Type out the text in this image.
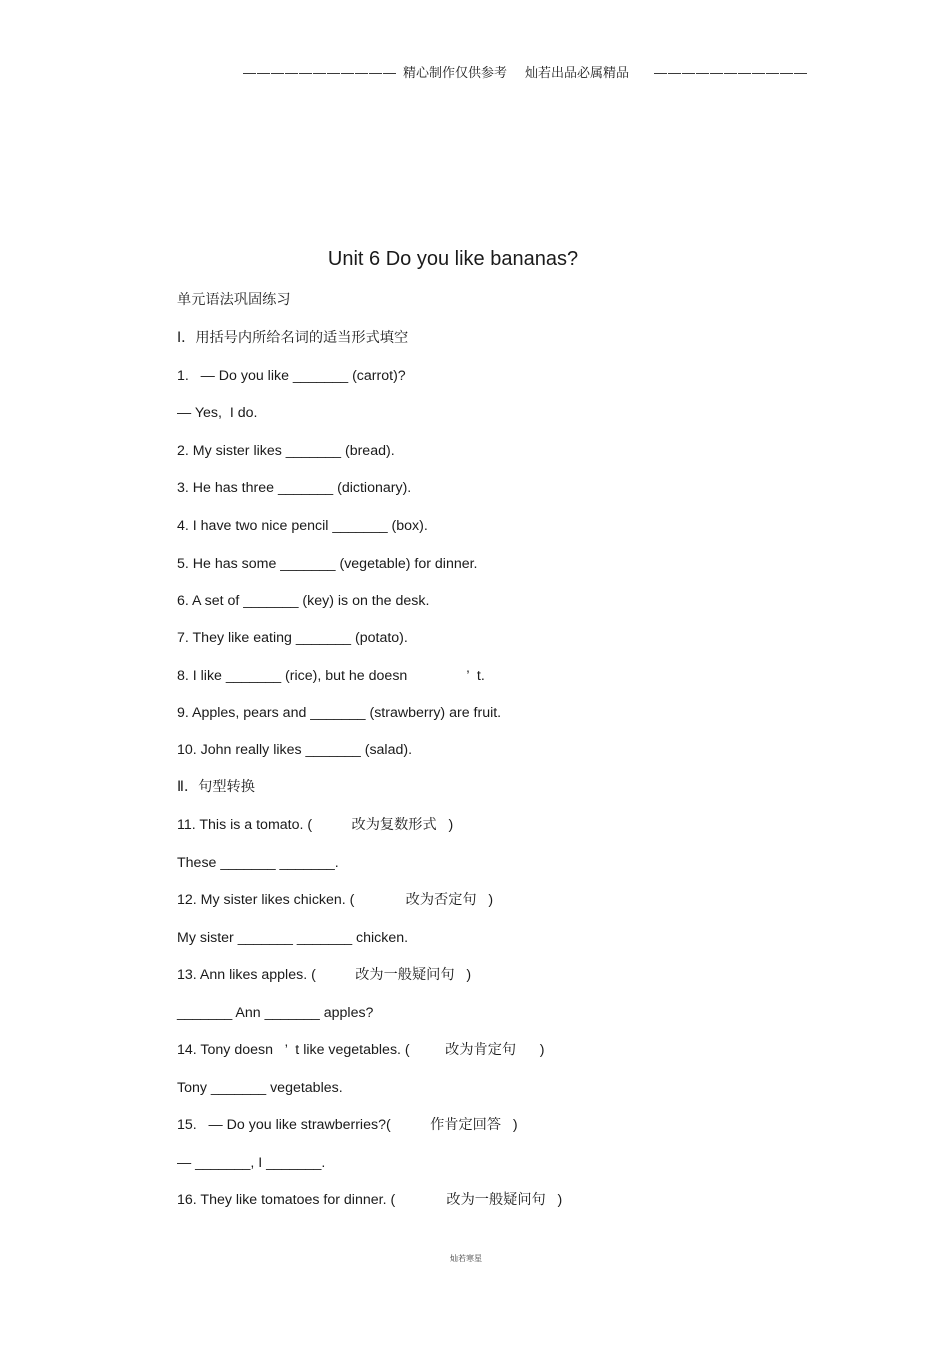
——————————— 精心制作仅供参考 灿若出品必属精品 ———————————
Unit 6 Do you like bananas?
单元语法巩固练习
Ⅰ．用括号内所给名词的适当形式填空
1.   — Do you like _______ (carrot)?
— Yes,  I do.
2. My sister likes _______ (bread).
3. He has three _______ (dictionary).
4. I have two nice pencil _______ (box).
5. He has some _______ (vegetable) for dinner.
6. A set of _______ (key) is on the desk.
7. They like eating _______ (potato).
8. I like _______ (rice), but he doesn               ’  t.
9. Apples, pears and _______ (strawberry) are fruit.
10. John really likes _______ (salad).
Ⅱ．句型转换
11. This is a tomato. (          改为复数形式   )
These _______ _______.
12. My sister likes chicken. (             改为否定句   )
My sister _______ _______ chicken.
13. Ann likes apples. (          改为一般疑问句   )
_______ Ann _______ apples?
14. Tony doesn   ’  t like vegetables. (         改为肯定句      )
Tony _______ vegetables.
15.   — Do you like strawberries?(          作肯定回答   )
— _______, I _______.
16. They like tomatoes for dinner. (             改为一般疑问句   )
灿若寒星
